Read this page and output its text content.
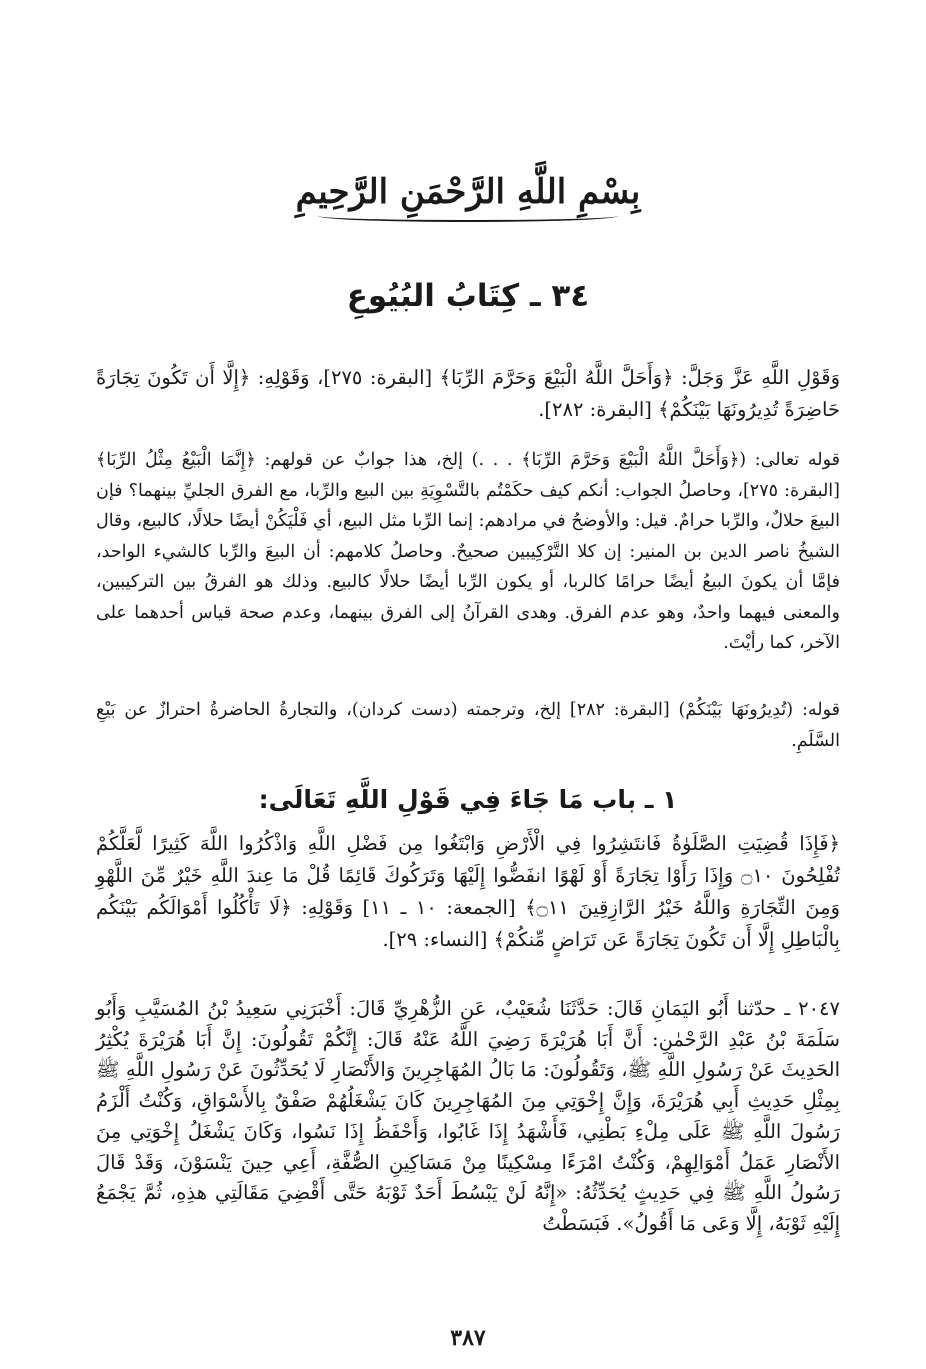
بِسْمِ اللَّهِ الرَّحْمَنِ الرَّحِيمِ
٣٤ ـ كِتَابُ البُيُوعِ

وَقَوْلِ اللَّهِ عَزَّ وَجَلَّ: ﴿وَأَحَلَّ اللَّهُ الْبَيْعَ وَحَرَّمَ الرِّبَا﴾ [البقرة: ٢٧٥]، وَقَوْلِهِ: ﴿إِلَّا أَن تَكُونَ تِجَارَةً حَاضِرَةً تُدِيرُونَهَا بَيْنَكُمْ﴾ [البقرة: ٢٨٢].

قوله تعالى: (﴿وَأَحَلَّ اللَّهُ الْبَيْعَ وَحَرَّمَ الرِّبَا﴾ . . .) إلخ، هذا جوابٌ عن قولهم: ﴿إِنَّمَا الْبَيْعُ مِثْلُ الرِّبَا﴾ [البقرة: ٢٧٥]، وحاصلُ الجواب: أنكم كيف حكَمْتُم بالتَّسْوِيَةِ بين البيع والرِّبا، مع الفرق الجليِّ بينهما؟ فإن البيعَ حلالٌ، والرِّبا حرامٌ. قيل: والأوضحُ في مرادهم: إنما الرِّبا مثل البيع، أي فَلْيَكُنْ أيضًا حلالًا، كالبيع، وقال الشيخُ ناصر الدين بن المنير: إن كلا التَّرْكِيبين صحيحٌ. وحاصلُ كلامهم: أن البيعَ والرِّبا كالشيء الواحد، فإمَّا أن يكونَ البيعُ أيضًا حرامًا كالربا، أو يكون الرِّبا أيضًا حلالًا كالبيع. وذلك هو الفرقُ بين التركيبين، والمعنى فيهما واحدٌ، وهو عدم الفرق. وهدى القرآنُ إلى الفرق بينهما، وعدم صحة قياس أحدهما على الآخر، كما رأيْتَ.

قوله: (تُدِيرُونَهَا بَيْنَكُمْ) [البقرة: ٢٨٢] إلخ، وترجمته (دست كردان)، والتجارةُ الحاضرةُ احترازٌ عن بَيْعِ السَّلَمِ.

١ ـ باب مَا جَاءَ فِي قَوْلِ اللَّهِ تَعَالَى:

﴿فَإِذَا قُضِيَتِ الصَّلَوٰةُ فَانتَشِرُوا فِي الْأَرْضِ وَابْتَغُوا مِن فَضْلِ اللَّهِ وَاذْكُرُوا اللَّهَ كَثِيرًا لَّعَلَّكُمْ تُفْلِحُونَ ۝١٠ وَإِذَا رَأَوْا تِجَارَةً أَوْ لَهْوًا انفَضُّوا إِلَيْهَا وَتَرَكُوكَ قَائِمًا قُلْ مَا عِندَ اللَّهِ خَيْرٌ مِّنَ اللَّهْوِ وَمِنَ التِّجَارَةِ وَاللَّهُ خَيْرُ الرَّازِقِينَ ۝١١﴾ [الجمعة: ١٠ ـ ١١] وَقَوْلِهِ: ﴿لَا تَأْكُلُوا أَمْوَالَكُم بَيْنَكُم بِالْبَاطِلِ إِلَّا أَن تَكُونَ تِجَارَةً عَن تَرَاضٍ مِّنكُمْ﴾ [النساء: ٢٩].

٢٠٤٧ ـ حدّثنا أَبُو اليَمَانِ قَالَ: حَدَّثَنَا شُعَيْبٌ، عَنِ الزُّهْرِيِّ قَالَ: أَخْبَرَنِي سَعِيدُ بْنُ المُسَيَّبِ وَأَبُو سَلَمَةَ بْنُ عَبْدِ الرَّحْمٰنِ: أَنَّ أَبَا هُرَيْرَةَ رَضِيَ اللَّهُ عَنْهُ قَالَ: إِنَّكُمْ تَقُولُونَ: إِنَّ أَبَا هُرَيْرَةَ يُكْثِرُ الحَدِيثَ عَنْ رَسُولِ اللَّهِ ﷺ، وَتَقُولُونَ: مَا بَالُ المُهَاجِرِينَ وَالأَنْصَارِ لَا يُحَدِّثُونَ عَنْ رَسُولِ اللَّهِ ﷺ بِمِثْلِ حَدِيثِ أَبِي هُرَيْرَةَ، وَإِنَّ إِخْوَتِي مِنَ المُهَاجِرِينَ كَانَ يَشْغَلُهُمْ صَفْقٌ بِالأَسْوَاقِ، وَكُنْتُ أَلْزَمُ رَسُولَ اللَّهِ ﷺ عَلَى مِلْءِ بَطْنِي، فَأَشْهَدُ إِذَا غَابُوا، وَأَحْفَظُ إِذَا نَسُوا، وَكَانَ يَشْغَلُ إِخْوَتِي مِنَ الأَنْصَارِ عَمَلُ أَمْوَالِهِمْ، وَكُنْتُ امْرَءًا مِسْكِينًا مِنْ مَسَاكِينِ الصُّفَّةِ، أَعِي حِينَ يَنْسَوْنَ، وَقَدْ قَالَ رَسُولُ اللَّهِ ﷺ فِي حَدِيثٍ يُحَدِّثُهُ: «إِنَّهُ لَنْ يَبْسُطَ أَحَدٌ ثَوْبَهُ حَتَّى أَقْضِيَ مَقَالَتِي هذِهِ، ثُمَّ يَجْمَعُ إِلَيْهِ ثَوْبَهُ، إِلَّا وَعَى مَا أَقُولُ». فَبَسَطْتُ

٣٨٧
